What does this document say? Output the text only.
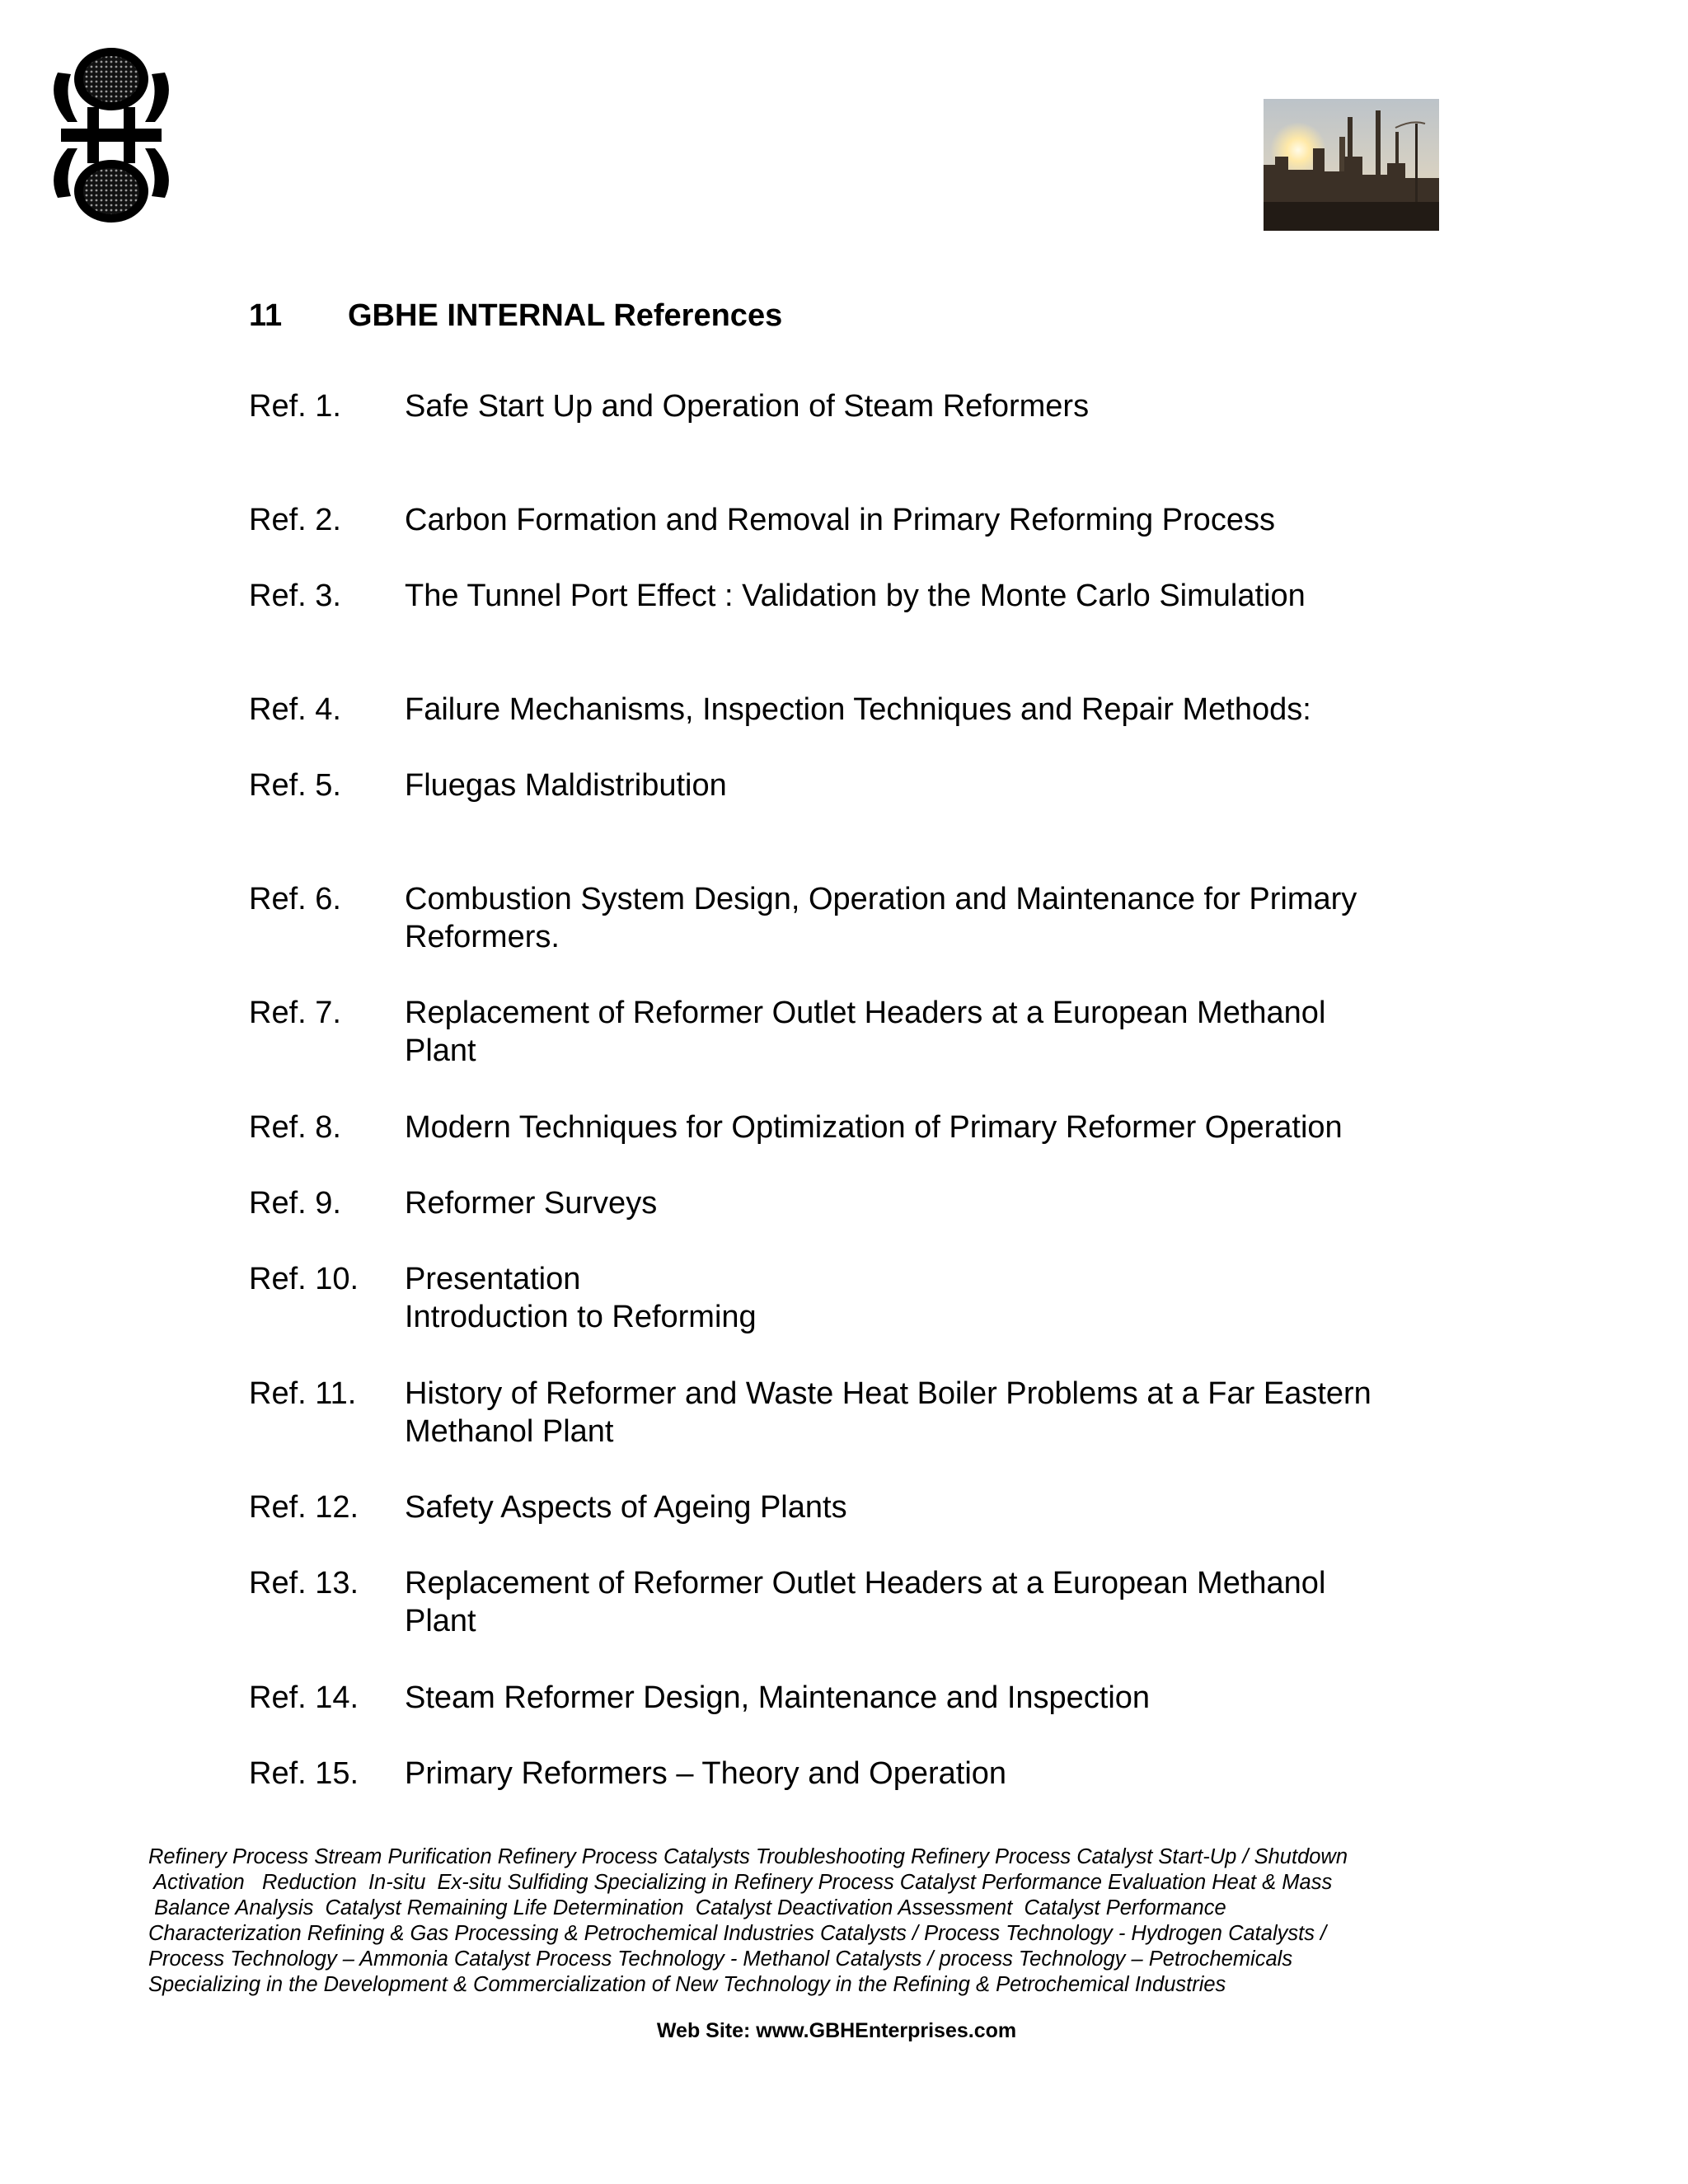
11 GBHE INTERNAL References
Ref. 1. Safe Start Up and Operation of Steam Reformers
Ref. 2. Carbon Formation and Removal in Primary Reforming Process
Ref. 3. The Tunnel Port Effect : Validation by the Monte Carlo Simulation
Ref. 4. Failure Mechanisms, Inspection Techniques and Repair Methods:
Ref. 5. Fluegas Maldistribution
Ref. 6. Combustion System Design, Operation and Maintenance for Primary
Reformers.
Ref. 7. Replacement of Reformer Outlet Headers at a European Methanol
Plant
Ref. 8. Modern Techniques for Optimization of Primary Reformer Operation
Ref. 9. Reformer Surveys
Ref. 10. Presentation
Introduction to Reforming
Ref. 11. History of Reformer and Waste Heat Boiler Problems at a Far Eastern
Methanol Plant
Ref. 12. Safety Aspects of Ageing Plants
Ref. 13. Replacement of Reformer Outlet Headers at a European Methanol
Plant
Ref. 14. Steam Reformer Design, Maintenance and Inspection
Ref. 15. Primary Reformers – Theory and Operation
Refinery Process Stream Purification Refinery Process Catalysts Troubleshooting Refinery Process Catalyst Start-Up / Shutdown
Activation   Reduction  In-situ  Ex-situ Sulfiding Specializing in Refinery Process Catalyst Performance Evaluation Heat & Mass
Balance Analysis  Catalyst Remaining Life Determination  Catalyst Deactivation Assessment  Catalyst Performance
Characterization Refining & Gas Processing & Petrochemical Industries Catalysts / Process Technology - Hydrogen Catalysts /
Process Technology – Ammonia Catalyst Process Technology - Methanol Catalysts / process Technology – Petrochemicals
Specializing in the Development & Commercialization of New Technology in the Refining & Petrochemical Industries
Web Site: www.GBHEnterprises.com
